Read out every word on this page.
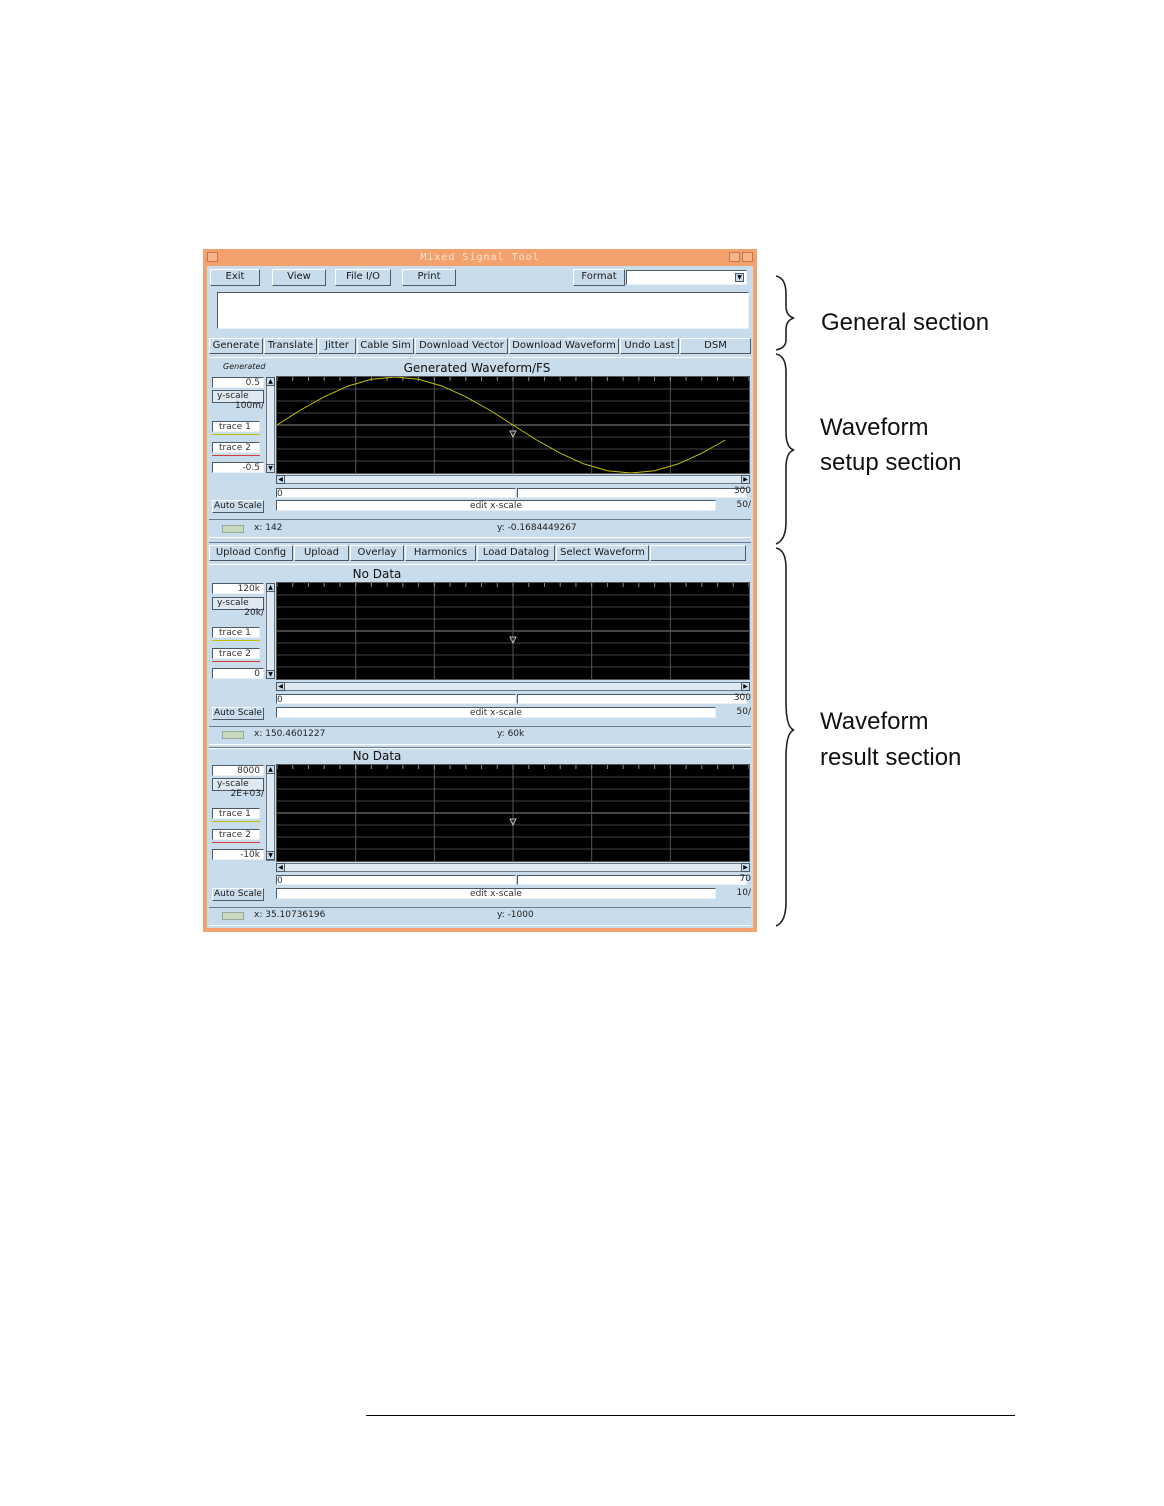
Mixed Signal Tool
Exit	View	File I/O	Print	Format	▼
Generate Translate	Jitter	Cable Sim Download Vector Download Waveform Undo Last	DSM
Generated	Generated Waveform/FS
0.5
y-scale
100m/
trace 1
trace 2
-0.5
▲
▼
◀	▶
0	300
Auto Scale	edit x-scale	50/
x: 142	y: -0.1684449267
Upload Config	Upload	Overlay	Harmonics	Load Datalog	Select Waveform
No Data
120k
y-scale
20k/
trace 1
trace 2
0
▲
▼
◀	▶
0	300
Auto Scale	edit x-scale	50/
x: 150.4601227	y: 60k
No Data
8000
y-scale
2E+03/
trace 1
trace 2
-10k
▲
▼
◀	▶
0	70
Auto Scale	edit x-scale	10/
x: 35.10736196	y: -1000
General section
Waveform
setup section
Waveform
result section
